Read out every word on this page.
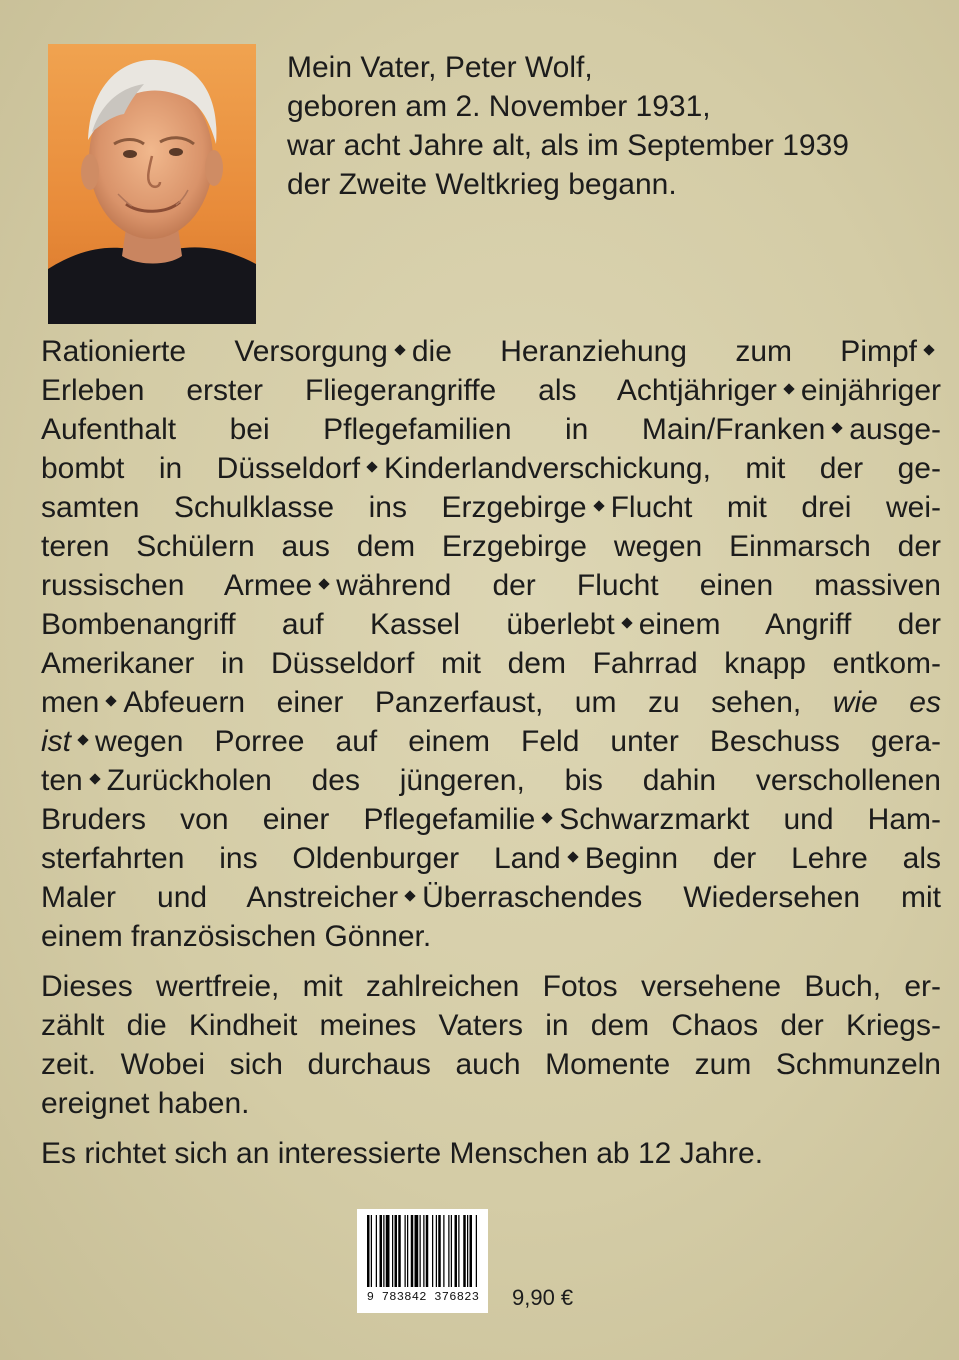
Mein Vater, Peter Wolf,
geboren am 2. November 1931,
war acht Jahre alt, als im September 1939
der Zweite Weltkrieg begann.

Rationierte Versorgung die Heranziehung zum Pimpf
Erleben erster Fliegerangriffe als Achtjähriger einjähriger
Aufenthalt bei Pflegefamilien in Main/Franken ausge-
bombt in Düsseldorf Kinderlandverschickung, mit der ge-
samten Schulklasse ins Erzgebirge Flucht mit drei wei-
teren Schülern aus dem Erzgebirge wegen Einmarsch der
russischen Armee während der Flucht einen massiven
Bombenangriff auf Kassel überlebt einem Angriff der
Amerikaner in Düsseldorf mit dem Fahrrad knapp entkom-
men Abfeuern einer Panzerfaust, um zu sehen, wie es
ist wegen Porree auf einem Feld unter Beschuss gera-
ten Zurückholen des jüngeren, bis dahin verschollenen
Bruders von einer Pflegefamilie Schwarzmarkt und Ham-
sterfahrten ins Oldenburger Land Beginn der Lehre als
Maler und Anstreicher Überraschendes Wiedersehen mit
einem französischen Gönner.

Dieses wertfreie, mit zahlreichen Fotos versehene Buch, er-
zählt die Kindheit meines Vaters in dem Chaos der Kriegs-
zeit. Wobei sich durchaus auch Momente zum Schmunzeln
ereignet haben.

Es richtet sich an interessierte Menschen ab 12 Jahre.

9 783842 376823	9,90 €
